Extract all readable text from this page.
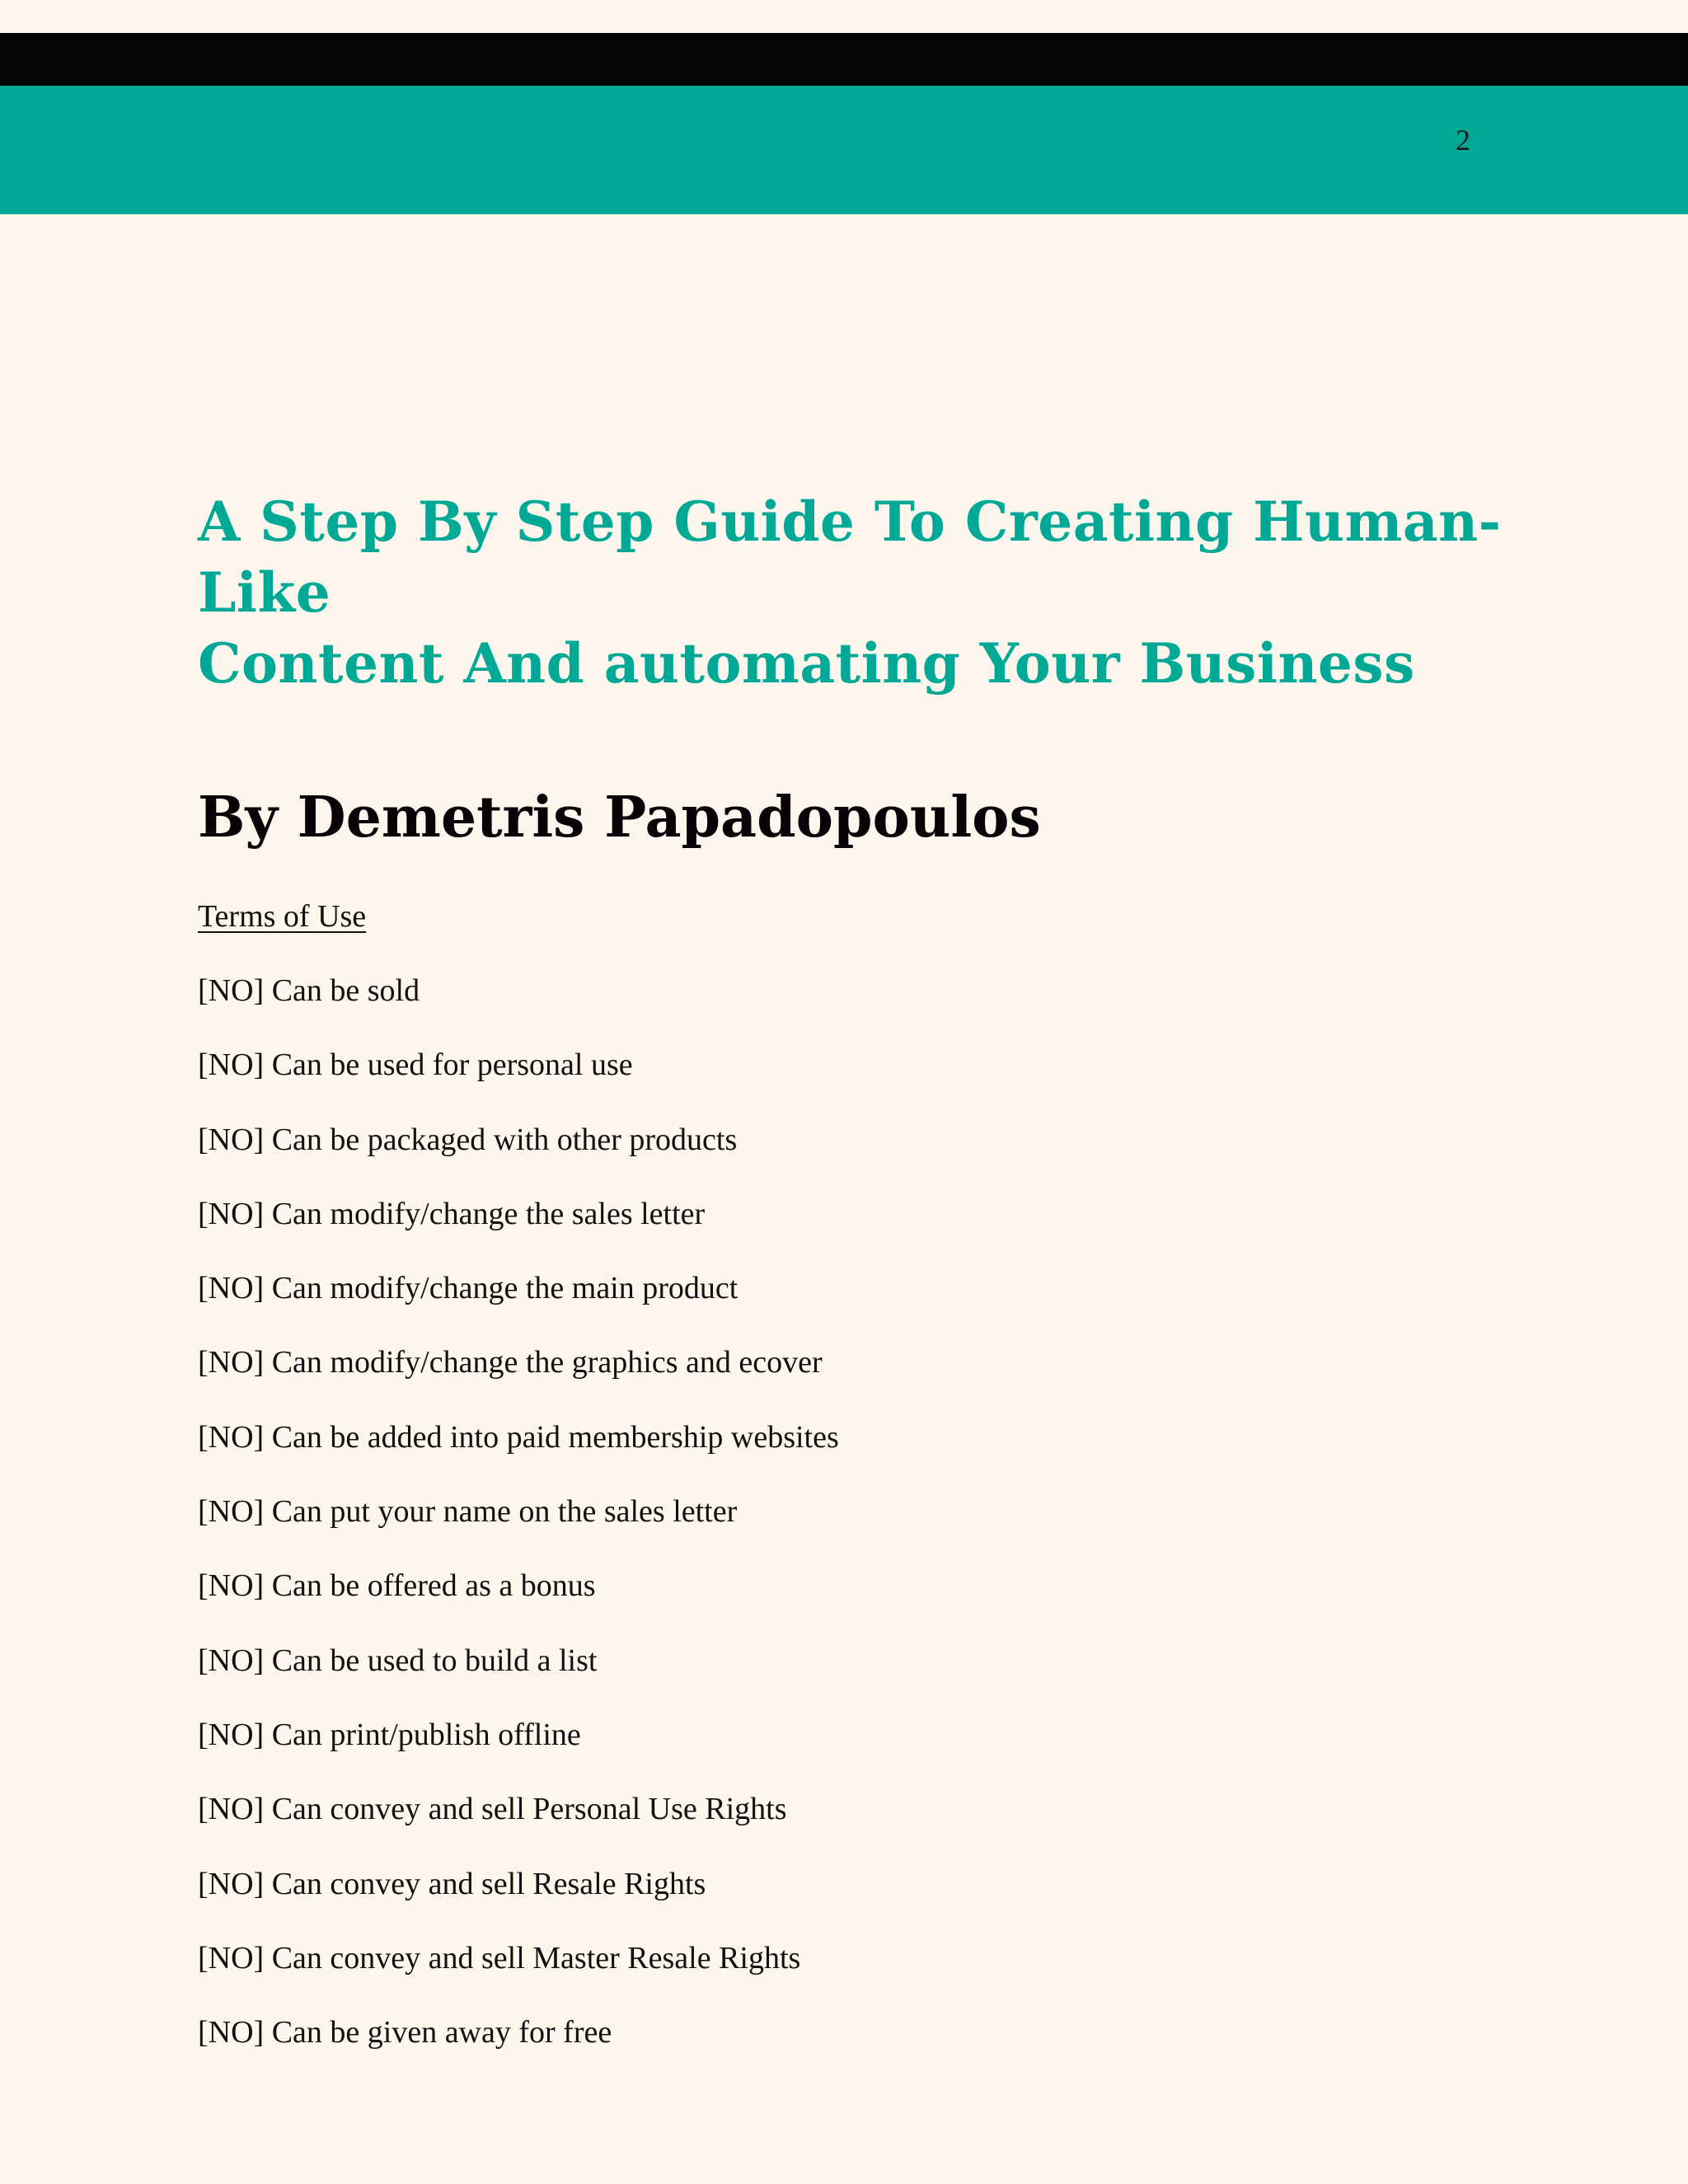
2
A Step By Step Guide To Creating Human-Like
Content And automating Your Business
By Demetris Papadopoulos
Terms of Use
[NO] Can be sold
[NO] Can be used for personal use
[NO] Can be packaged with other products
[NO] Can modify/change the sales letter
[NO] Can modify/change the main product
[NO] Can modify/change the graphics and ecover
[NO] Can be added into paid membership websites
[NO] Can put your name on the sales letter
[NO] Can be offered as a bonus
[NO] Can be used to build a list
[NO] Can print/publish offline
[NO] Can convey and sell Personal Use Rights
[NO] Can convey and sell Resale Rights
[NO] Can convey and sell Master Resale Rights
[NO] Can be given away for free
